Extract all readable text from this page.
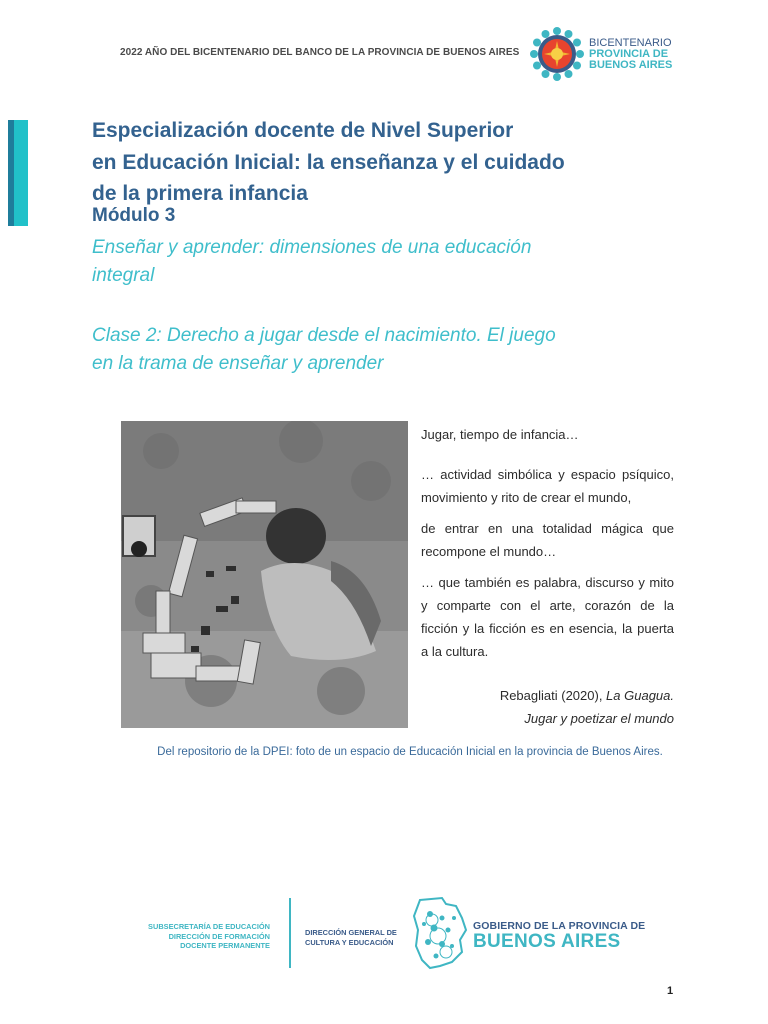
2022 AÑO DEL BICENTENARIO DEL BANCO DE LA PROVINCIA DE BUENOS AIRES
BICENTENARIO
PROVINCIA DE
BUENOS AIRES
Especialización docente de Nivel Superior
en Educación Inicial: la enseñanza y el cuidado
de la primera infancia
Módulo 3
Enseñar y aprender: dimensiones de una educación
integral
Clase 2: Derecho a jugar desde el nacimiento. El juego
en la trama de enseñar y aprender

Jugar, tiempo de infancia…

… actividad simbólica y espacio psíquico, movimiento y rito de crear el mundo,

de entrar en una totalidad mágica que recompone el mundo…

… que también es palabra, discurso y mito y comparte con el arte, corazón de la ficción y la ficción es en esencia, la puerta a la cultura.

Rebagliati (2020), La Guagua.
Jugar y poetizar el mundo
Del repositorio de la DPEI: foto de un espacio de Educación Inicial en la provincia de Buenos Aires.
SUBSECRETARÍA DE EDUCACIÓN
DIRECCIÓN DE FORMACIÓN
DOCENTE PERMANENTE
DIRECCIÓN GENERAL DE
CULTURA Y EDUCACIÓN
GOBIERNO DE LA PROVINCIA DE
BUENOS AIRES
1
